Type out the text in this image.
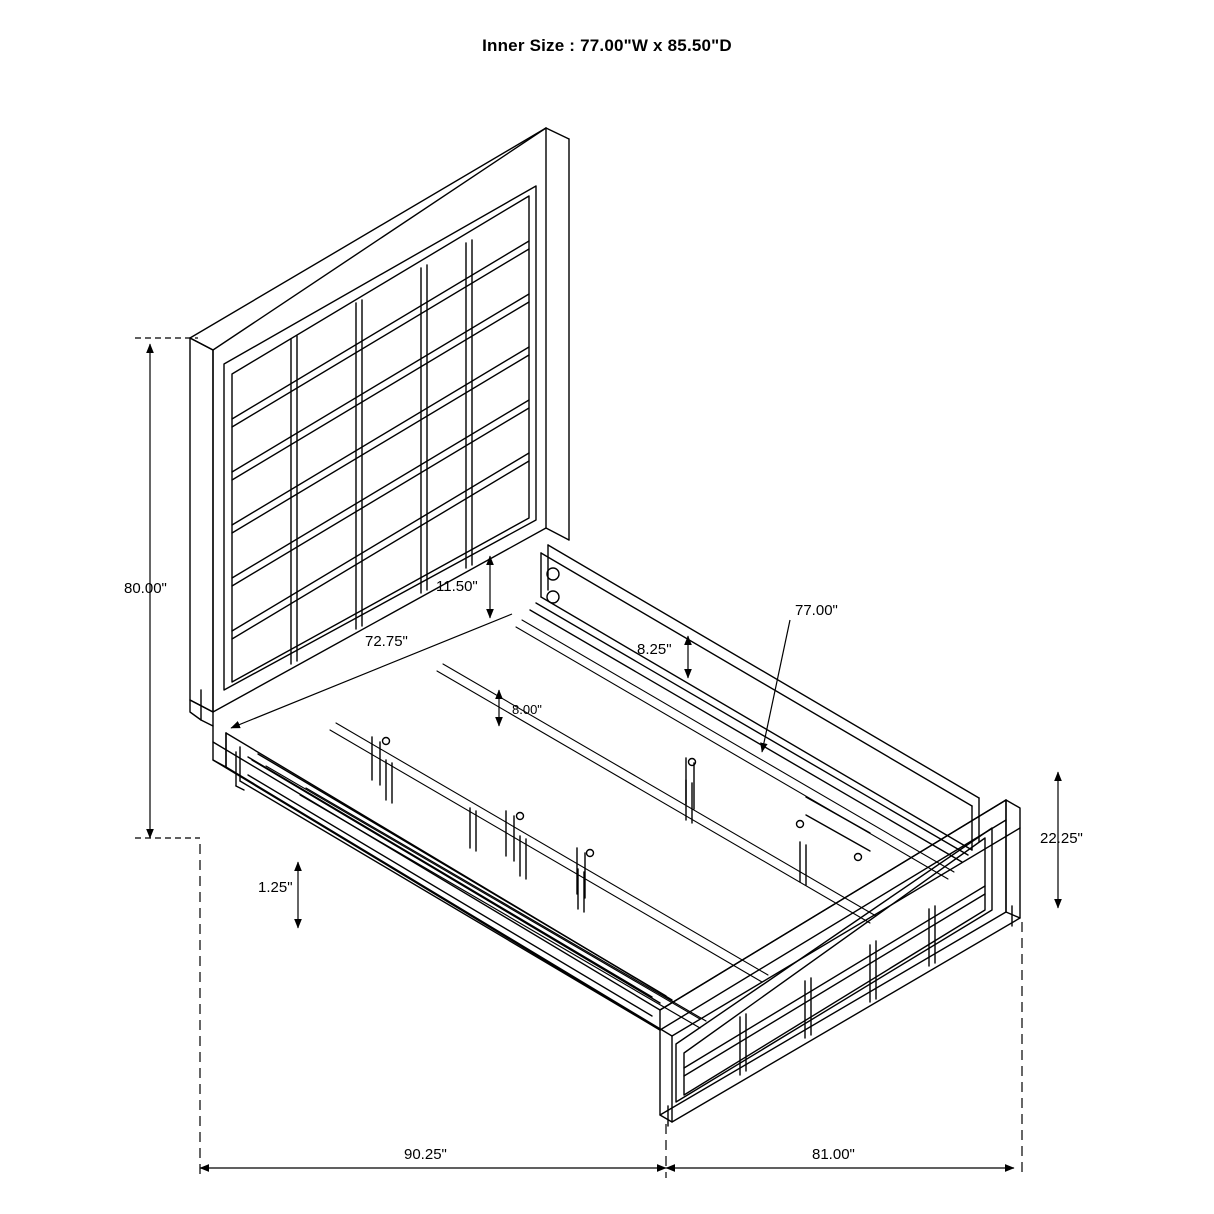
Inner Size : 77.00"W x 85.50"D
80.00"	11.50"
72.75"	8.25"
8.00"
77.00"
1.25"
22.25"
90.25"	81.00"
